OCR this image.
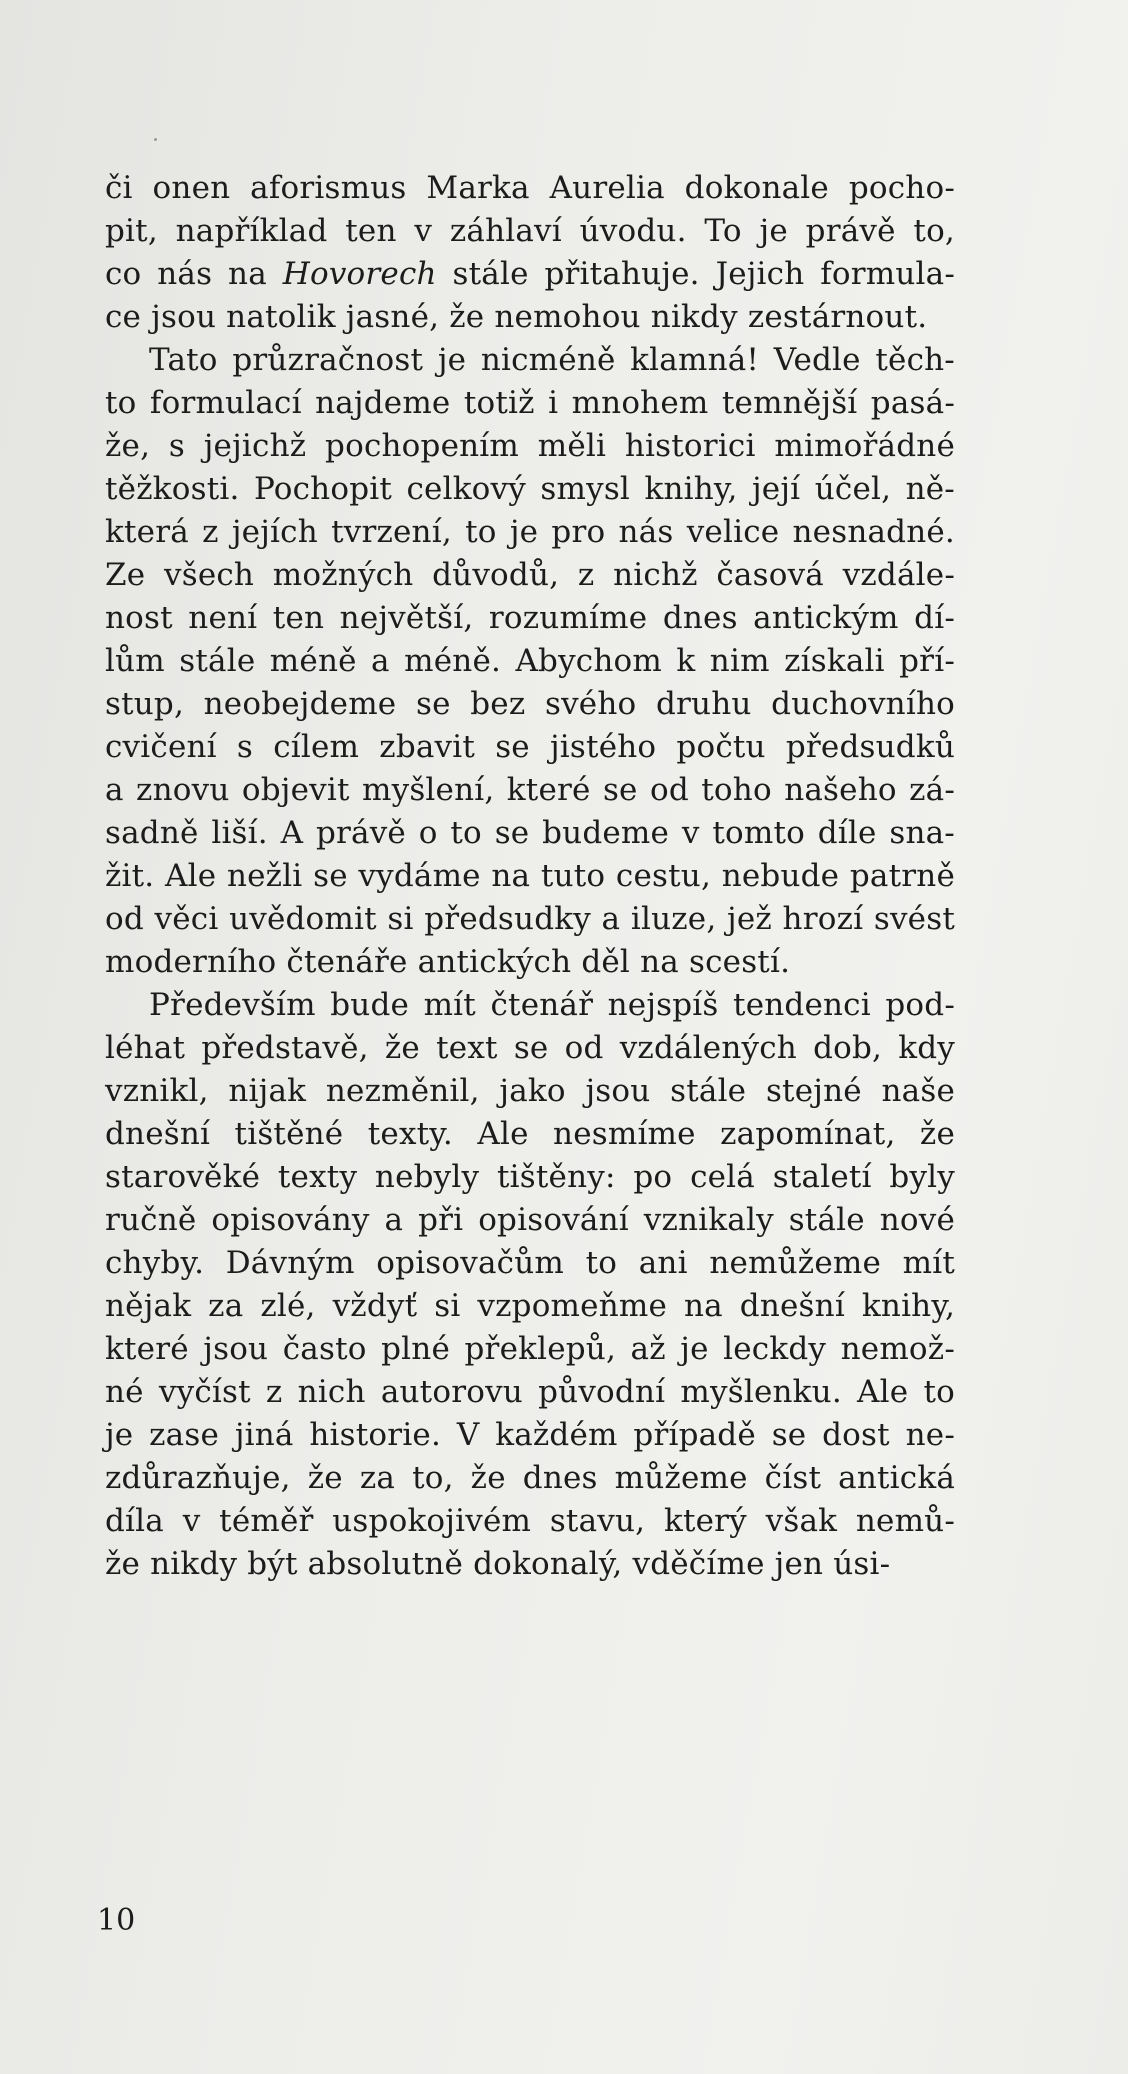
či onen aforismus Marka Aurelia dokonale pocho-
pit, například ten v záhlaví úvodu. To je právě to,
co nás na Hovorech stále přitahuje. Jejich formula-
ce jsou natolik jasné, že nemohou nikdy zestárnout.
Tato průzračnost je nicméně klamná! Vedle těch-
to formulací najdeme totiž i mnohem temnější pasá-
že, s jejichž pochopením měli historici mimořádné
těžkosti. Pochopit celkový smysl knihy, její účel, ně-
která z jejích tvrzení, to je pro nás velice nesnadné.
Ze všech možných důvodů, z nichž časová vzdále-
nost není ten největší, rozumíme dnes antickým dí-
lům stále méně a méně. Abychom k nim získali pří-
stup, neobejdeme se bez svého druhu duchovního
cvičení s cílem zbavit se jistého počtu předsudků
a znovu objevit myšlení, které se od toho našeho zá-
sadně liší. A právě o to se budeme v tomto díle sna-
žit. Ale nežli se vydáme na tuto cestu, nebude patrně
od věci uvědomit si předsudky a iluze, jež hrozí svést
moderního čtenáře antických děl na scestí.
Především bude mít čtenář nejspíš tendenci pod-
léhat představě, že text se od vzdálených dob, kdy
vznikl, nijak nezměnil, jako jsou stále stejné naše
dnešní tištěné texty. Ale nesmíme zapomínat, že
starověké texty nebyly tištěny: po celá staletí byly
ručně opisovány a při opisování vznikaly stále nové
chyby. Dávným opisovačům to ani nemůžeme mít
nějak za zlé, vždyť si vzpomeňme na dnešní knihy,
které jsou často plné překlepů, až je leckdy nemož-
né vyčíst z nich autorovu původní myšlenku. Ale to
je zase jiná historie. V každém případě se dost ne-
zdůrazňuje, že za to, že dnes můžeme číst antická
díla v téměř uspokojivém stavu, který však nemů-
že nikdy být absolutně dokonalý, vděčíme jen úsi-
10
